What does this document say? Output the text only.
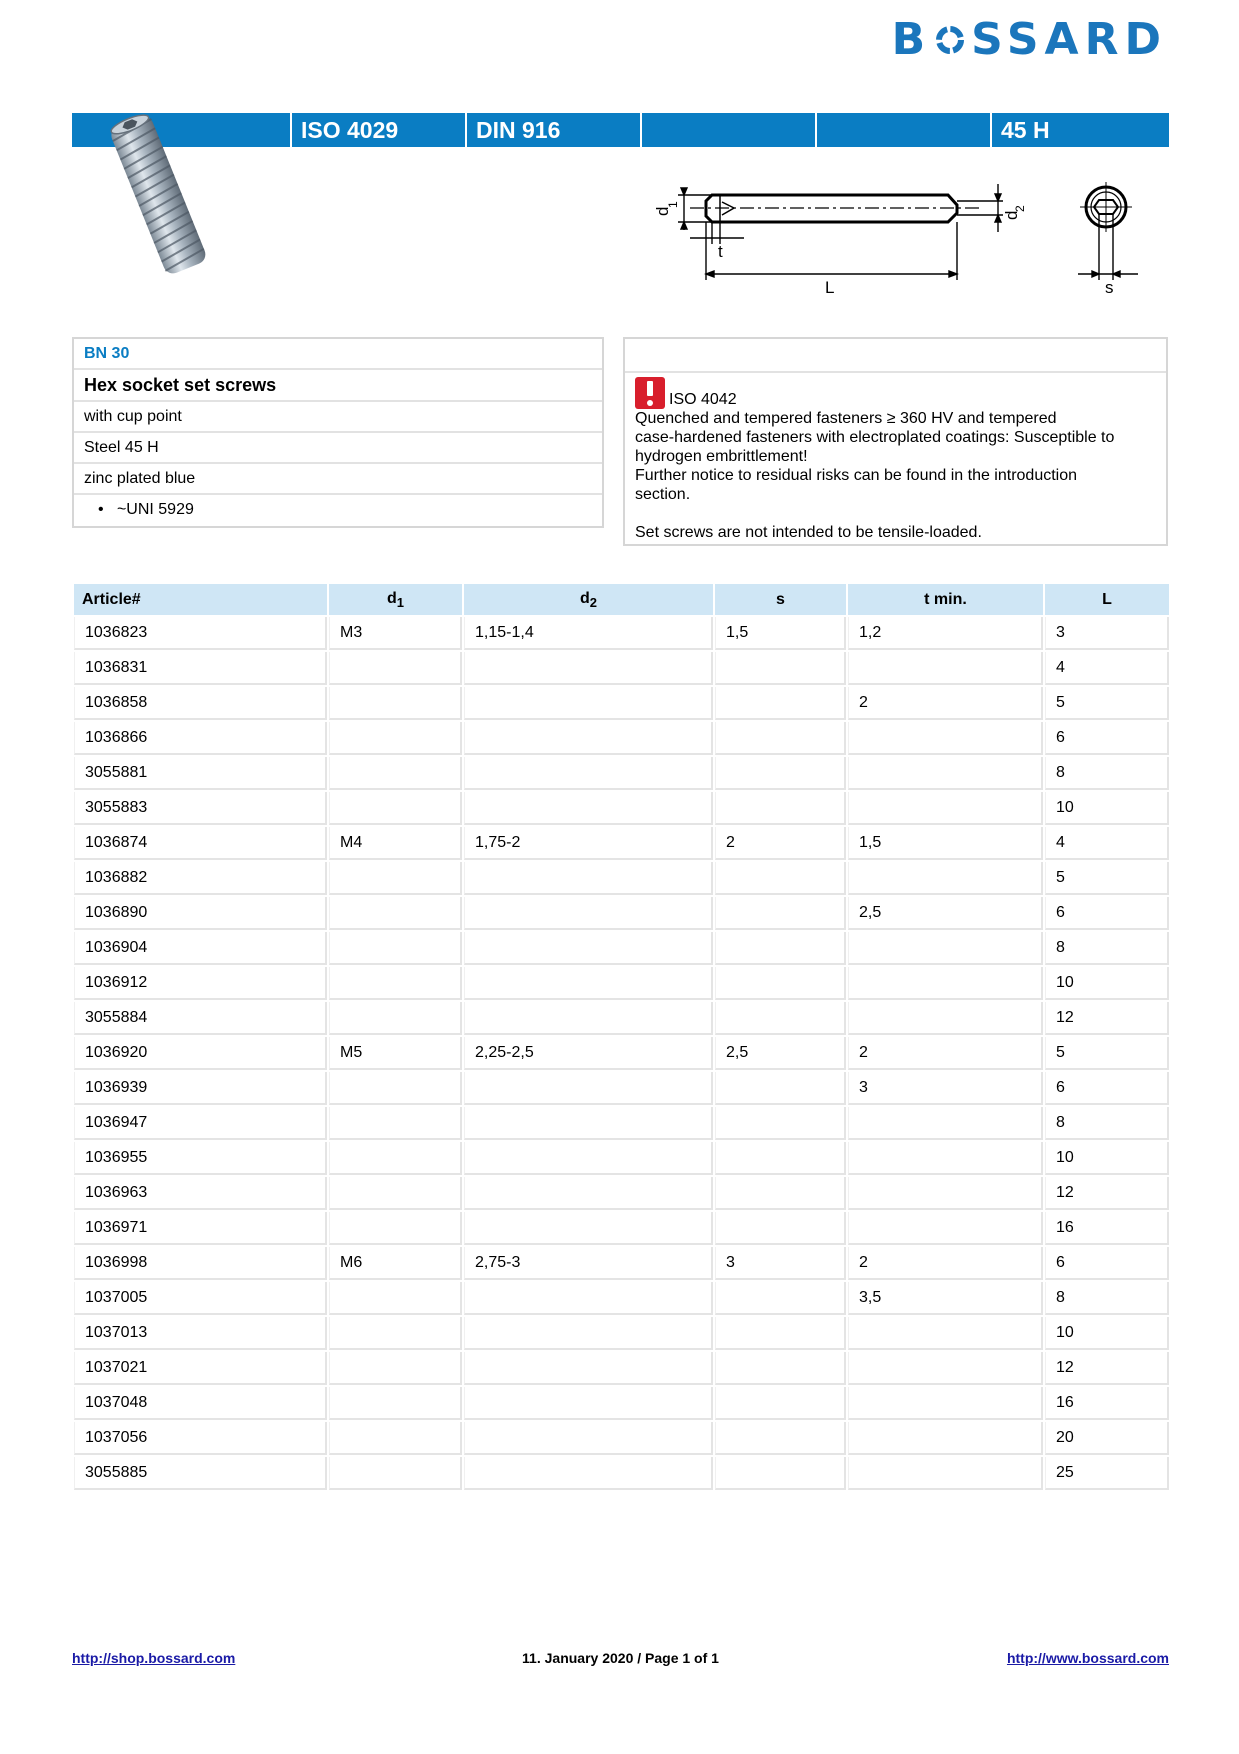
B SSARD
ISO 4029	DIN 916	45 H
d
1
d
2
t
L	s
BN 30
Hex socket set screws
with cup point
Steel 45 H
zinc plated blue
•   ~UNI 5929
ISO 4042
Quenched and tempered fasteners ≥ 360 HV and tempered
case-hardened fasteners with electroplated coatings: Susceptible to
hydrogen embrittlement!
Further notice to residual risks can be found in the introduction
section.
Set screws are not intended to be tensile-loaded.
Article#	$d_1$	$d_2$	s	t min.	L
1036823	M3	1,15-1,4	1,5	1,2	3
1036831					4
1036858				2	5
1036866					6
3055881					8
3055883					10
1036874	M4	1,75-2	2	1,5	4
1036882					5
1036890				2,5	6
1036904					8
1036912					10
3055884					12
1036920	M5	2,25-2,5	2,5	2	5
1036939				3	6
1036947					8
1036955					10
1036963					12
1036971					16
1036998	M6	2,75-3	3	2	6
1037005				3,5	8
1037013					10
1037021					12
1037048					16
1037056					20
3055885					25
11. January 2020 / Page 1 of 1
http://shop.bossard.com	http://www.bossard.com
